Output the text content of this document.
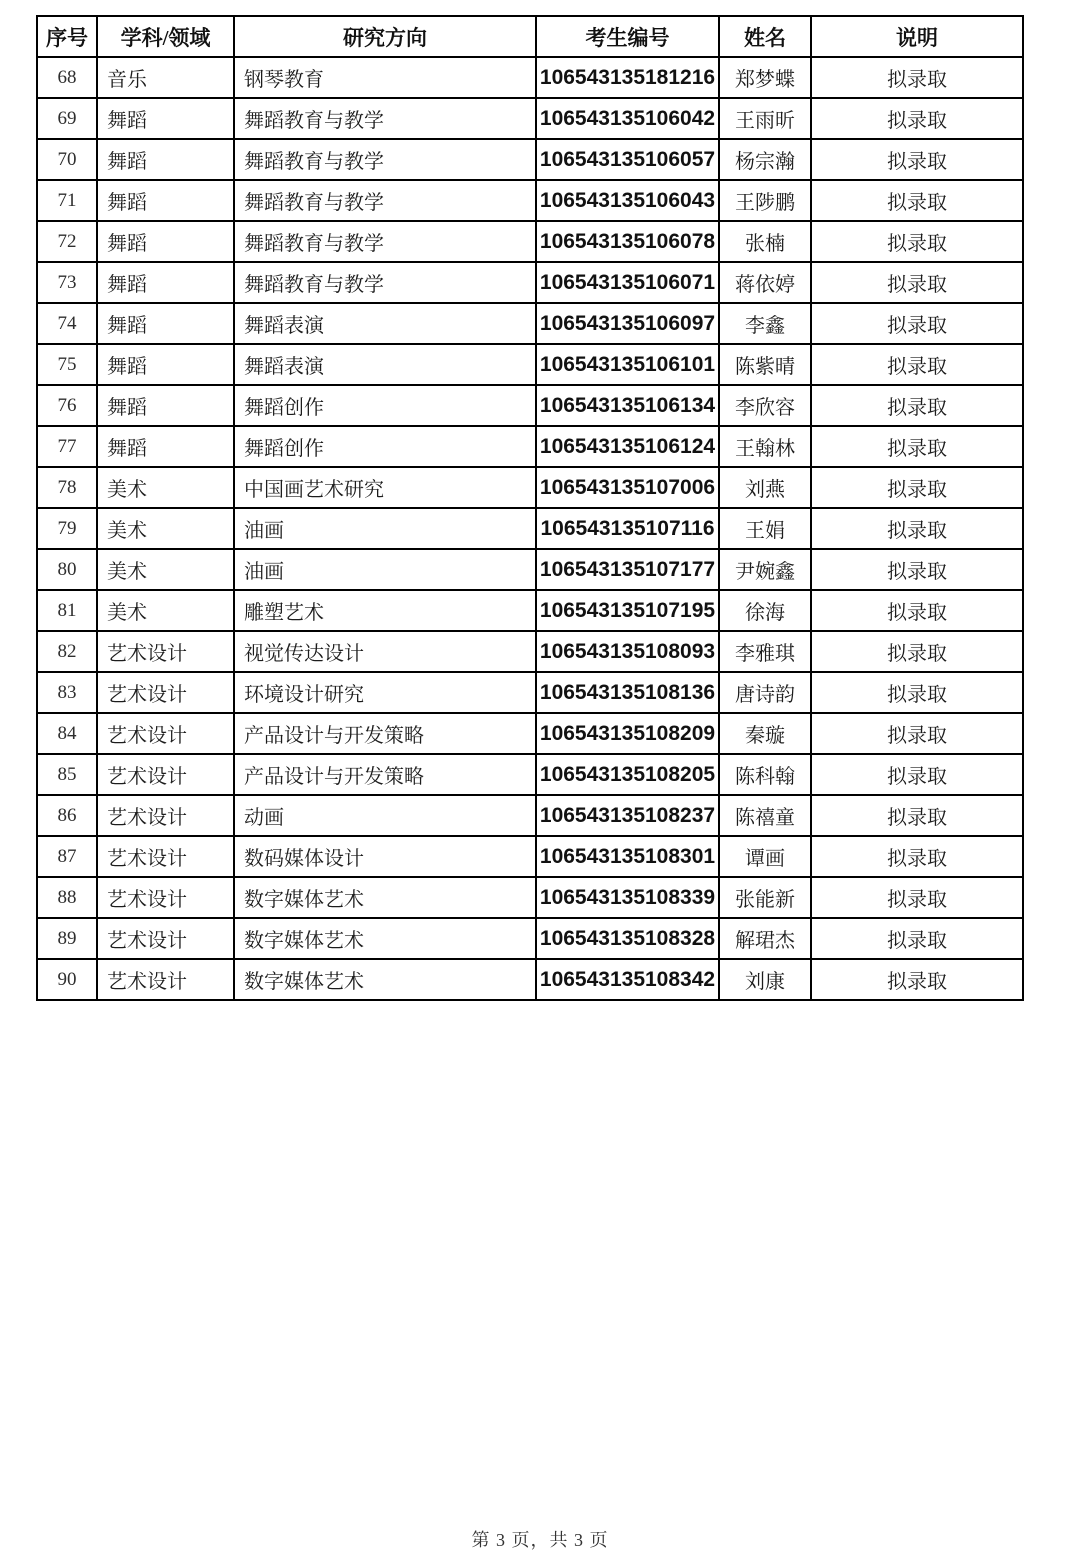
序号	学科/领域	研究方向	考生编号	姓名	说明
68	音乐	钢琴教育	106543135181216	郑梦蝶	拟录取
69	舞蹈	舞蹈教育与教学	106543135106042	王雨昕	拟录取
70	舞蹈	舞蹈教育与教学	106543135106057	杨宗瀚	拟录取
71	舞蹈	舞蹈教育与教学	106543135106043	王陟鹏	拟录取
72	舞蹈	舞蹈教育与教学	106543135106078	张楠	拟录取
73	舞蹈	舞蹈教育与教学	106543135106071	蒋依婷	拟录取
74	舞蹈	舞蹈表演	106543135106097	李鑫	拟录取
75	舞蹈	舞蹈表演	106543135106101	陈紫晴	拟录取
76	舞蹈	舞蹈创作	106543135106134	李欣容	拟录取
77	舞蹈	舞蹈创作	106543135106124	王翰林	拟录取
78	美术	中国画艺术研究	106543135107006	刘燕	拟录取
79	美术	油画	106543135107116	王娟	拟录取
80	美术	油画	106543135107177	尹婉鑫	拟录取
81	美术	雕塑艺术	106543135107195	徐海	拟录取
82	艺术设计	视觉传达设计	106543135108093	李雅琪	拟录取
83	艺术设计	环境设计研究	106543135108136	唐诗韵	拟录取
84	艺术设计	产品设计与开发策略	106543135108209	秦璇	拟录取
85	艺术设计	产品设计与开发策略	106543135108205	陈科翰	拟录取
86	艺术设计	动画	106543135108237	陈禧童	拟录取
87	艺术设计	数码媒体设计	106543135108301	谭画	拟录取
88	艺术设计	数字媒体艺术	106543135108339	张能新	拟录取
89	艺术设计	数字媒体艺术	106543135108328	解珺杰	拟录取
90	艺术设计	数字媒体艺术	106543135108342	刘康	拟录取
第 3 页，共 3 页
